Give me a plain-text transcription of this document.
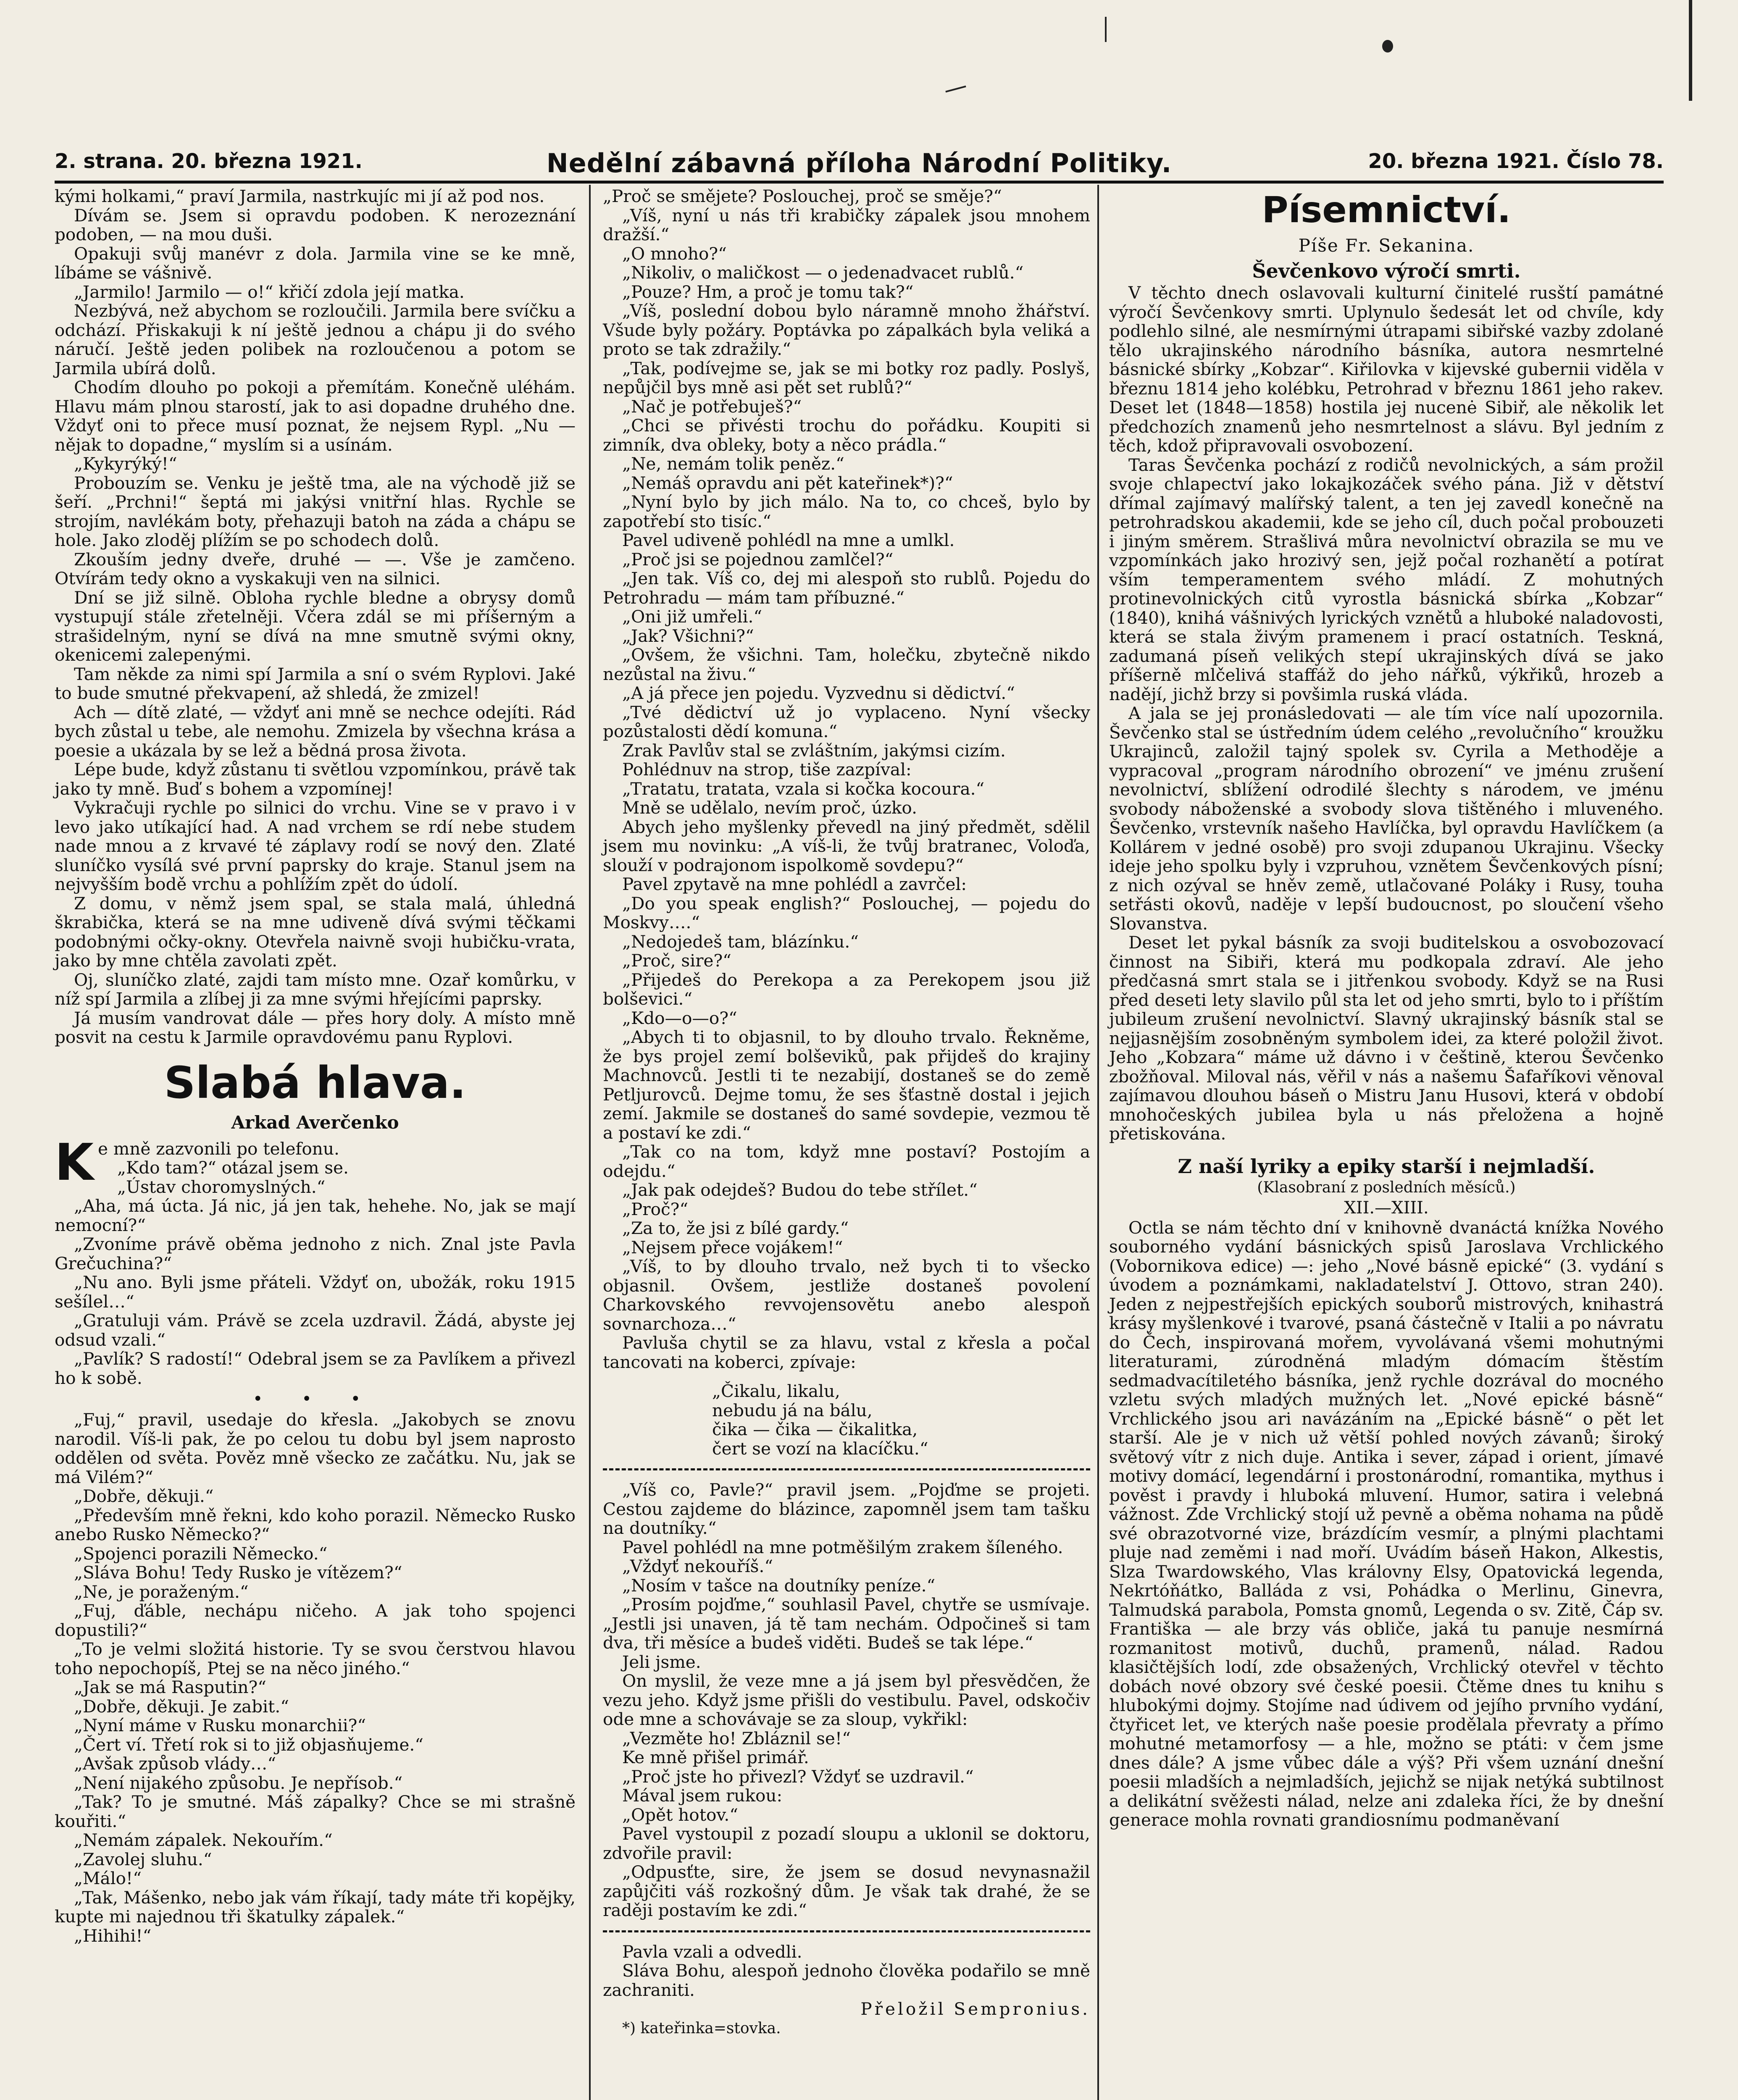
2. strana. 20. března 1921.	Nedělní zábavná příloha Národní Politiky.	20. března 1921. Číslo 78.

kými holkami,“ praví Jarmila, nastrkujíc mi jí až pod nos.

Dívám se. Jsem si opravdu podoben. K nerozeznání podoben, — na mou duši.

Opakuji svůj manévr z dola. Jarmila vine se ke mně, líbáme se vášnivě.

„Jarmilo! Jarmilo — o!“ křičí zdola její matka.

Nezbývá, než abychom se rozloučili. Jarmila bere svíčku a odchází. Přiskakuji k ní ještě jednou a chápu ji do svého náručí. Ještě jeden polibek na rozloučenou a potom se Jarmila ubírá dolů.

Chodím dlouho po pokoji a přemítám. Konečně uléhám. Hlavu mám plnou starostí, jak to asi dopadne druhého dne. Vždyť oni to přece musí poznat, že nejsem Rypl. „Nu — nějak to dopadne,“ myslím si a usínám.

„Kykyrýký!“

Probouzím se. Venku je ještě tma, ale na východě již se šeří. „Prchni!“ šeptá mi jakýsi vnitřní hlas. Rychle se strojím, navlékám boty, přehazuji batoh na záda a chápu se hole. Jako zloděj plížím se po schodech dolů.

Zkouším jedny dveře, druhé — —. Vše je zamčeno. Otvírám tedy okno a vyskakuji ven na silnici.

Dní se již silně. Obloha rychle bledne a obrysy domů vystupují stále zřetelněji. Včera zdál se mi příšerným a strašidelným, nyní se dívá na mne smutně svými okny, okenicemi zalepenými.

Tam někde za nimi spí Jarmila a sní o svém Ryplovi. Jaké to bude smutné překvapení, až shledá, že zmizel!

Ach — dítě zlaté, — vždyť ani mně se nechce odejíti. Rád bych zůstal u tebe, ale nemohu. Zmizela by všechna krása a poesie a ukázala by se lež a bědná prosa života.

Lépe bude, když zůstanu ti světlou vzpomínkou, právě tak jako ty mně. Buď s bohem a vzpomínej!

Vykračuji rychle po silnici do vrchu. Vine se v pravo i v levo jako utíkající had. A nad vrchem se rdí nebe studem nade mnou a z krvavé té záplavy rodí se nový den. Zlaté sluníčko vysílá své první paprsky do kraje. Stanul jsem na nejvyšším bodě vrchu a pohlížím zpět do údolí.

Z domu, v němž jsem spal, se stala malá, úhledná škrabička, která se na mne udiveně dívá svými těčkami podobnými očky-okny. Otevřela naivně svoji hubičku-vrata, jako by mne chtěla zavolati zpět.

Oj, sluníčko zlaté, zajdi tam místo mne. Ozař komůrku, v níž spí Jarmila a zlíbej ji za mne svými hřejícími paprsky.

Já musím vandrovat dále — přes hory doly. A místo mně posvit na cestu k Jarmile opravdovému panu Ryplovi.

Slabá hlava.
Arkad Averčenko

Ke mně zazvonili po telefonu.

„Kdo tam?“ otázal jsem se.

„Ústav choromyslných.“

„Aha, má úcta. Já nic, já jen tak, hehehe. No, jak se mají nemocní?“

„Zvoníme právě oběma jednoho z nich. Znal jste Pavla Grečuchina?“

„Nu ano. Byli jsme přáteli. Vždyť on, ubožák, roku 1915 sešílel…“

„Gratuluji vám. Právě se zcela uzdravil. Žádá, abyste jej odsud vzali.“

„Pavlík? S radostí!“ Odebral jsem se za Pavlíkem a přivezl ho k sobě.

• • •

„Fuj,“ pravil, usedaje do křesla. „Jakobych se znovu narodil. Víš-li pak, že po celou tu dobu byl jsem naprosto oddělen od světa. Pověz mně všecko ze začátku. Nu, jak se má Vilém?“

„Dobře, děkuji.“

„Především mně řekni, kdo koho porazil. Německo Rusko anebo Rusko Německo?“

„Spojenci porazili Německo.“

„Sláva Bohu! Tedy Rusko je vítězem?“

„Ne, je poraženým.“

„Fuj, ďáble, nechápu ničeho. A jak toho spojenci dopustili?“

„To je velmi složitá historie. Ty se svou čerstvou hlavou toho nepochopíš, Ptej se na něco jiného.“

„Jak se má Rasputin?“

„Dobře, děkuji. Je zabit.“

„Nyní máme v Rusku monarchii?“

„Čert ví. Třetí rok si to již objasňujeme.“

„Avšak způsob vlády…“

„Není nijakého způsobu. Je nepřísob.“

„Tak? To je smutné. Máš zápalky? Chce se mi strašně kouřiti.“

„Nemám zápalek. Nekouřím.“

„Zavolej sluhu.“

„Málo!“

„Tak, Mášenko, nebo jak vám říkají, tady máte tři kopějky, kupte mi najednou tři škatulky zápalek.“

„Hihihi!“

„Proč se smějete? Poslouchej, proč se směje?“

„Víš, nyní u nás tři krabičky zápalek jsou mnohem dražší.“

„O mnoho?“

„Nikoliv, o maličkost — o jedenadvacet rublů.“

„Pouze? Hm, a proč je tomu tak?“

„Víš, poslední dobou bylo náramně mnoho žhářství. Všude byly požáry. Poptávka po zápalkách byla veliká a proto se tak zdražily.“

„Tak, podívejme se, jak se mi botky roz padly. Poslyš, nepůjčil bys mně asi pět set rublů?“

„Nač je potřebuješ?“

„Chci se přivésti trochu do pořádku. Koupiti si zimník, dva obleky, boty a něco prádla.“

„Ne, nemám tolik peněz.“

„Nemáš opravdu ani pět kateřinek*)?“

„Nyní bylo by jich málo. Na to, co chceš, bylo by zapotřebí sto tisíc.“

Pavel udiveně pohlédl na mne a umlkl.

„Proč jsi se pojednou zamlčel?“

„Jen tak. Víš co, dej mi alespoň sto rublů. Pojedu do Petrohradu — mám tam příbuzné.“

„Oni již umřeli.“

„Jak? Všichni?“

„Ovšem, že všichni. Tam, holečku, zbytečně nikdo nezůstal na živu.“

„A já přece jen pojedu. Vyzvednu si dědictví.“

„Tvé dědictví už jo vyplaceno. Nyní všecky pozůstalosti dědí komuna.“

Zrak Pavlův stal se zvláštním, jakýmsi cizím.

Pohlédnuv na strop, tiše zazpíval:

„Tratatu, tratata, vzala si kočka kocoura.“

Mně se udělalo, nevím proč, úzko.

Abych jeho myšlenky převedl na jiný předmět, sdělil jsem mu novinku: „A víš-li, že tvůj bratranec, Voloďa, slouží v podrajonom ispolkomě sovdepu?“

Pavel zpytavě na mne pohlédl a zavrčel:

„Do you speak english?“ Poslouchej, — pojedu do Moskvy….“

„Nedojedeš tam, blázínku.“

„Proč, sire?“

„Přijedeš do Perekopa a za Perekopem jsou již bolševici.“

„Kdo—o—o?“

„Abych ti to objasnil, to by dlouho trvalo. Řekněme, že bys projel zemí bolševiků, pak přijdeš do krajiny Machnovců. Jestli ti te nezabijí, dostaneš se do země Petljurovců. Dejme tomu, že ses šťastně dostal i jejich zemí. Jakmile se dostaneš do samé sovdepie, vezmou tě a postaví ke zdi.“

„Tak co na tom, když mne postaví? Postojím a odejdu.“

„Jak pak odejdeš? Budou do tebe střílet.“

„Proč?“

„Za to, že jsi z bílé gardy.“

„Nejsem přece vojákem!“

„Víš, to by dlouho trvalo, než bych ti to všecko objasnil. Ovšem, jestliže dostaneš povolení Charkovského revvojensovětu anebo alespoň sovnarchoza…“

Pavluša chytil se za hlavu, vstal z křesla a počal tancovati na koberci, zpívaje:

„Čikalu, likalu,

nebudu já na bálu,

čika — čika — čikalitka,

čert se vozí na klacíčku.“

„Víš co, Pavle?“ pravil jsem. „Pojďme se projeti. Cestou zajdeme do blázince, zapomněl jsem tam tašku na doutníky.“

Pavel pohlédl na mne potměšilým zrakem šíleného.

„Vždyť nekouříš.“

„Nosím v tašce na doutníky peníze.“

„Prosím pojďme,“ souhlasil Pavel, chytře se usmívaje. „Jestli jsi unaven, já tě tam nechám. Odpočineš si tam dva, tři měsíce a budeš viděti. Budeš se tak lépe.“

Jeli jsme.

On myslil, že veze mne a já jsem byl přesvědčen, že vezu jeho. Když jsme přišli do vestibulu. Pavel, odskočiv ode mne a schovávaje se za sloup, vykřikl:

„Vezměte ho! Zbláznil se!“

Ke mně přišel primář.

„Proč jste ho přivezl? Vždyť se uzdravil.“

Mával jsem rukou:

„Opět hotov.“

Pavel vystoupil z pozadí sloupu a uklonil se doktoru, zdvořile pravil:

„Odpusťte, sire, že jsem se dosud nevynasnažil zapůjčiti váš rozkošný dům. Je však tak drahé, že se raději postavím ke zdi.“

Pavla vzali a odvedli.

Sláva Bohu, alespoň jednoho člověka podařilo se mně zachraniti.

Přeložil Sempronius.

*) kateřinka=stovka.

Písemnictví.
Píše Fr. Sekanina.
Ševčenkovo výročí smrti.

V těchto dnech oslavovali kulturní činitelé rusští památné výročí Ševčenkovy smrti. Uplynulo šedesát let od chvíle, kdy podlehlo silné, ale nesmírnými útrapami sibiřské vazby zdolané tělo ukrajinského národního básníka, autora nesmrtelné básnické sbírky „Kobzar“. Kiřilovka v kijevské gubernii viděla v březnu 1814 jeho kolébku, Petrohrad v březnu 1861 jeho rakev. Deset let (1848—1858) hostila jej nucenė Sibiř, ale několik let předchozích znamenů jeho nesmrtelnost a slávu. Byl jedním z těch, kdož připravovali osvobození.

Taras Ševčenka pochází z rodičů nevolnických, a sám prožil svoje chlapectví jako lokajkozáček svého pána. Již v dětství dřímal zajímavý malířský talent, a ten jej zavedl konečně na petrohradskou akademii, kde se jeho cíl, duch počal probouzeti i jiným směrem. Strašlivá můra nevolnictví obrazila se mu ve vzpomínkách jako hrozivý sen, jejž počal rozhanětí a potírat vším temperamentem svého mládí. Z mohutných protinevolnických citů vyrostla básnická sbírka „Kobzar“ (1840), knihá vášnivých lyrických vznětů a hluboké naladovosti, která se stala živým pramenem i prací ostatních. Teskná, zadumaná píseň velikých stepí ukrajinských dívá se jako příšerně mlčelivá staffáž do jeho nářků, výkřiků, hrozeb a nadějí, jichž brzy si povšimla ruská vláda.

A jala se jej pronásledovati — ale tím více nalí upozornila. Ševčenko stal se ústředním údem celého „revolučního“ kroužku Ukrajinců, založil tajný spolek sv. Cyrila a Methoděje a vypracoval „program národního obrození“ ve jménu zrušení nevolnictví, sblížení odrodilé šlechty s národem, ve jménu svobody náboženské a svobody slova tištěného i mluveného. Ševčenko, vrstevník našeho Havlíčka, byl opravdu Havlíčkem (a Kollárem v jedné osobě) pro svoji zdupanou Ukrajinu. Všecky ideje jeho spolku byly i vzpruhou, vznětem Ševčenkových písní; z nich ozýval se hněv země, utlačované Poláky i Rusy, touha setřásti okovů, naděje v lepší budoucnost, po sloučení všeho Slovanstva.

Deset let pykal básník za svoji buditelskou a osvobozovací činnost na Sibiři, která mu podkopala zdraví. Ale jeho předčasná smrt stala se i jitřenkou svobody. Když se na Rusi před deseti lety slavilo půl sta let od jeho smrti, bylo to i příštím jubileum zrušení nevolnictví. Slavný ukrajinský básník stal se nejjasnějším zosobněným symbolem idei, za které položil život. Jeho „Kobzara“ máme už dávno i v češtině, kterou Ševčenko zbožňoval. Miloval nás, věřil v nás a našemu Šafaříkovi věnoval zajímavou dlouhou báseň o Mistru Janu Husovi, která v období mnohočeských jubilea byla u nás přeložena a hojně přetiskována.

Z naší lyriky a epiky starší i nejmladší.
(Klasobraní z posledních měsíců.)
XII.—XIII.

Octla se nám těchto dní v knihovně dvanáctá knížka Nového souborného vydání básnických spisů Jaroslava Vrchlického (Vobornikova edice) —: jeho „Nové básně epické“ (3. vydání s úvodem a poznámkami, nakladatelství J. Ottovo, stran 240). Jeden z nejpestřejších epických souborů mistrových, knihastrá krásy myšlenkové i tvarové, psaná částečně v Italii a po návratu do Čech, inspirovaná mořem, vyvolávaná všemi mohutnými literaturami, zúrodněná mladým dómacím štěstím sedmadvacítiletého básníka, jenž rychle dozrával do mocného vzletu svých mladých mužných let. „Nové epické básně“ Vrchlického jsou ari navázáním na „Epické básně“ o pět let starší. Ale je v nich už větší pohled nových závanů; široký světový vítr z nich duje. Antika i sever, západ i orient, jímavé motivy domácí, legendární i prostonárodní, romantika, mythus i pověst i pravdy i hluboká mluvení. Humor, satira i velebná vážnost. Zde Vrchlický stojí už pevně a oběma nohama na půdě své obrazotvorné vize, brázdícím vesmír, a plnými plachtami pluje nad zeměmi i nad moří. Uvádím báseň Hakon, Alkestis, Slza Twardowského, Vlas královny Elsy, Opatovická legenda, Nekrtóňátko, Balláda z vsi, Pohádka o Merlinu, Ginevra, Talmudská parabola, Pomsta gnomů, Legenda o sv. Zitě, Čáp sv. Františka — ale brzy vás obliče, jaká tu panuje nesmírná rozmanitost motivů, duchů, pramenů, nálad. Radou klasičtějších lodí, zde obsažených, Vrchlický otevřel v těchto dobách nové obzory své české poesii. Čtěme dnes tu knihu s hlubokými dojmy. Stojíme nad údivem od jejího prvního vydání, čtyřicet let, ve kterých naše poesie prodělala převraty a přímo mohutné metamorfosy — a hle, možno se ptáti: v čem jsme dnes dále? A jsme vůbec dále a výš? Při všem uznání dnešní poesii mladších a nejmladších, jejichž se nijak netýká subtilnost a delikátní svěžesti nálad, nelze ani zdaleka říci, že by dnešní generace mohla rovnati grandiosnímu podmaněvaní
